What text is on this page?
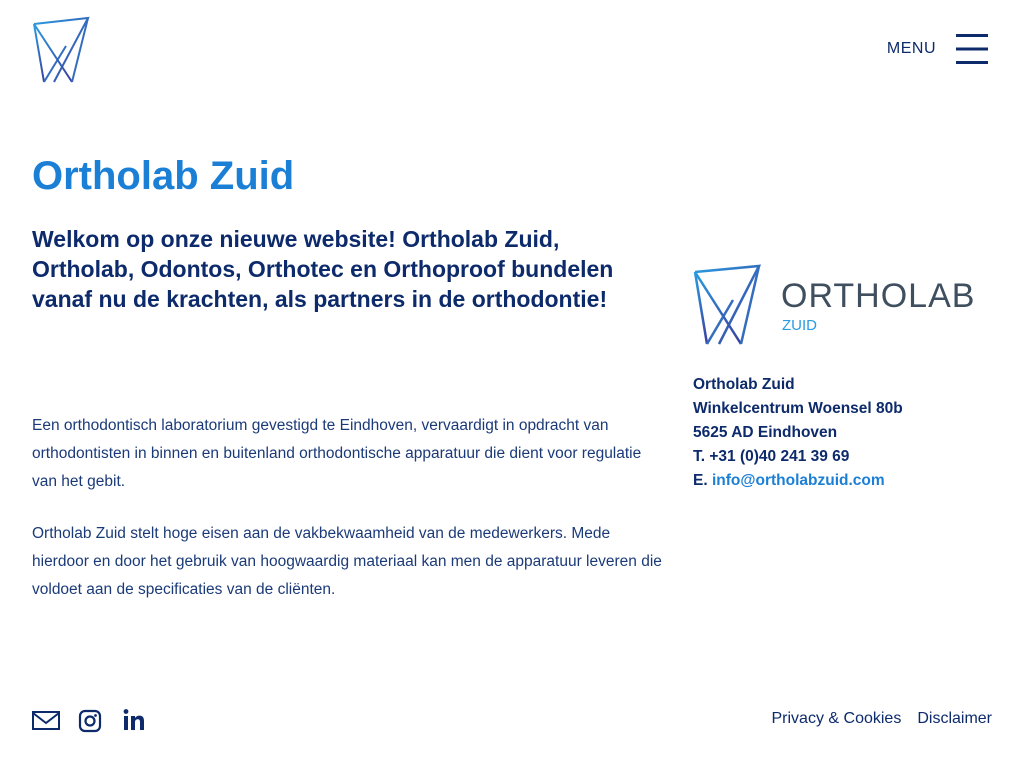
MENU
Ortholab Zuid

Welkom op onze nieuwe website! Ortholab Zuid, Ortholab, Odontos, Orthotec en Orthoproof bundelen vanaf nu de krachten, als partners in de orthodontie!

Een orthodontisch laboratorium gevestigd te Eindhoven, vervaardigt in opdracht van orthodontisten in binnen en buitenland orthodontische apparatuur die dient voor regulatie van het gebit.

Ortholab Zuid stelt hoge eisen aan de vakbekwaamheid van de medewerkers. Mede hierdoor en door het gebruik van hoogwaardig materiaal kan men de apparatuur leveren die voldoet aan de specificaties van de cliënten.

ORTHOLAB
ZUID
Ortholab Zuid
Winkelcentrum Woensel 80b
5625 AD Eindhoven
T. +31 (0)40 241 39 69
E. info@ortholabzuid.com
Privacy & Cookies Disclaimer
